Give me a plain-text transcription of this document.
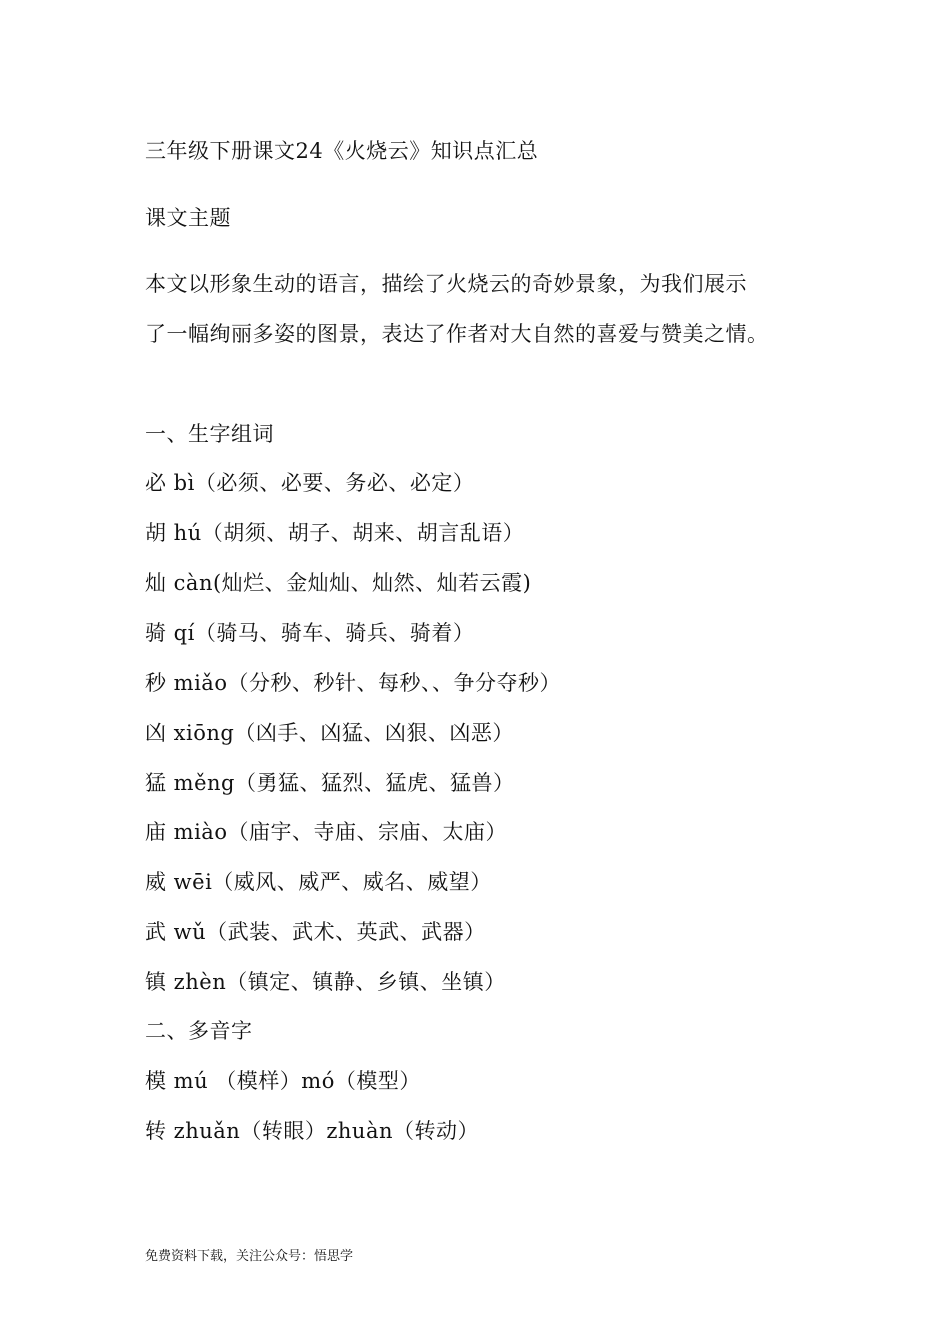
三年级下册课文24《火烧云》知识点汇总
课文主题
本文以形象生动的语言，描绘了火烧云的奇妙景象，为我们展示
了一幅绚丽多姿的图景，表达了作者对大自然的喜爱与赞美之情。
一、生字组词
必 bì（必须、必要、务必、必定）
胡 hú（胡须、胡子、胡来、胡言乱语）
灿 càn(灿烂、金灿灿、灿然、灿若云霞)
骑 qí（骑马、骑车、骑兵、骑着）
秒 miǎo（分秒、秒针、每秒、、争分夺秒）
凶 xiōng（凶手、凶猛、凶狠、凶恶）
猛 měng（勇猛、猛烈、猛虎、猛兽）
庙 miào（庙宇、寺庙、宗庙、太庙）
威 wēi（威风、威严、威名、威望）
武 wǔ（武装、武术、英武、武器）
镇 zhèn（镇定、镇静、乡镇、坐镇）
二、多音字
模 mú （模样）mó（模型）
转 zhuǎn（转眼）zhuàn（转动）
免费资料下载，关注公众号：悟思学
